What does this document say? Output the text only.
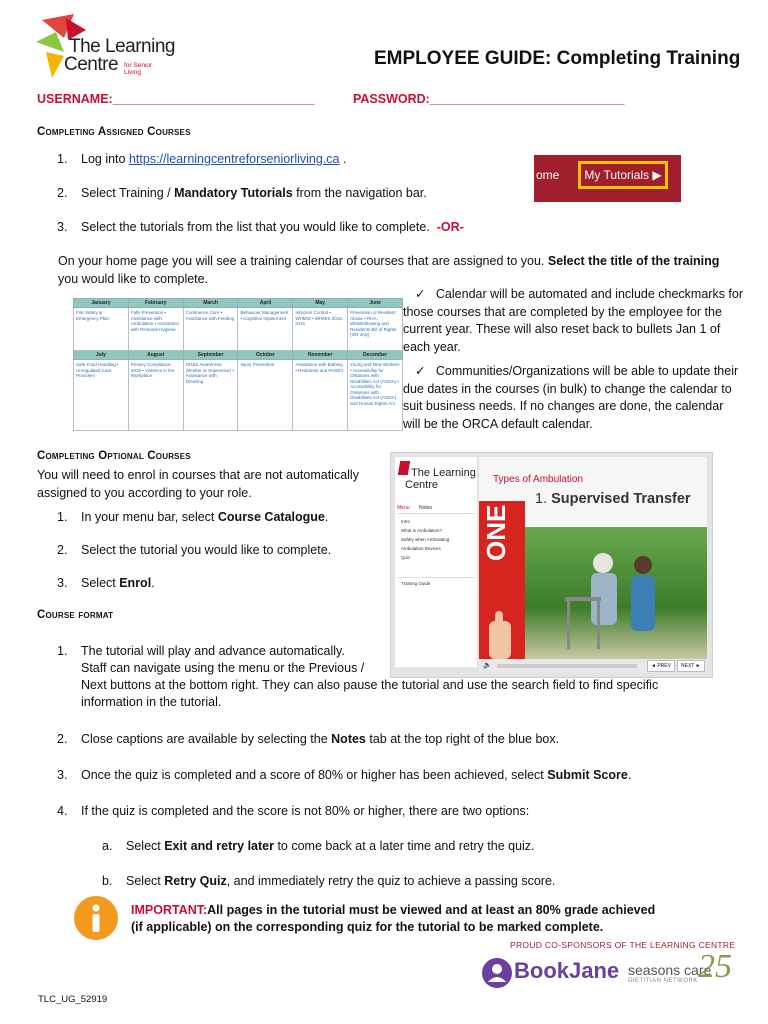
The Learning
Centre for Senior Living
EMPLOYEE GUIDE: Completing Training
USERNAME:_____________________________	PASSWORD:____________________________
Completing Assigned Courses
1. Log into https://learningcentreforseniorliving.ca .
2. Select Training / Mandatory Tutorials from the navigation bar.
3. Select the tutorials from the list that you would like to complete. -OR-
ome	My Tutorials ▶
On your home page you will see a training calendar of courses that are assigned to you. Select the title of the training
you would like to complete.
January	February	March	April	May	June
Fire Safety & Emergency Plan	Falls Prevention • Assistance with Ambulation • Assistance with Personal Hygiene	Continence Care • Assistance with Feeding	Behaviour Management • Cognitive Impairment	Infection Control • WHMIS • WHMIS 2015: GHS	Prevention of Resident Abuse • RHA: Whistleblowing and Residents Bill of Rights (ON only)
July	August	September	October	November	December
Safe Food Handling • Unregulated Care Providers	Privacy Compliance 2015 • Violence in the Workplace	OH&S Awareness (Worker or Supervisor) • Assistance with Dressing	Injury Prevention	Assistance with Bathing • Restraints and PASD's	Young and New Workers • Accessibility for Ontarians with Disabilities Act (AODA) • Accessibility for Ontarians with Disabilities Act (AODA) and Human Rights Act
✓ Calendar will be automated and include checkmarks for those courses that are completed by the employee for the current year. These will also reset back to bullets Jan 1 of each year.
✓ Communities/Organizations will be able to update their due dates in the courses (in bulk) to change the calendar to suit business needs. If no changes are done, the calendar will be the ORCA default calendar.
Completing Optional Courses
You will need to enrol in courses that are not automatically assigned to you according to your role.
1. In your menu bar, select Course Catalogue.
2. Select the tutorial you would like to complete.
3. Select Enrol.
The Learning
Centre
Menu Notes
Intro
What is Ambulation?
Safety when Ambulating
Ambulation Devices
Quiz
Training Guide
Types of Ambulation
1. Supervised Transfer
ONE
🔈	◄ PREV	NEXT ►
Course format
1. The tutorial will play and advance automatically.
Staff can navigate using the menu or the Previous /
Next buttons at the bottom right. They can also pause the tutorial and use the search field to find specific
information in the tutorial.
2. Close captions are available by selecting the Notes tab at the top right of the blue box.
3. Once the quiz is completed and a score of 80% or higher has been achieved, select Submit Score.
4. If the quiz is completed and the score is not 80% or higher, there are two options:
a. Select Exit and retry later to come back at a later time and retry the quiz.
b. Select Retry Quiz, and immediately retry the quiz to achieve a passing score.
IMPORTANT:All pages in the tutorial must be viewed and at least an 80% grade achieved
(if applicable) on the corresponding quiz for the tutorial to be marked complete.
PROUD CO-SPONSORS OF THE LEARNING CENTRE
BookJane seasons care
DIETITIAN NETWORK 25
TLC_UG_52919
